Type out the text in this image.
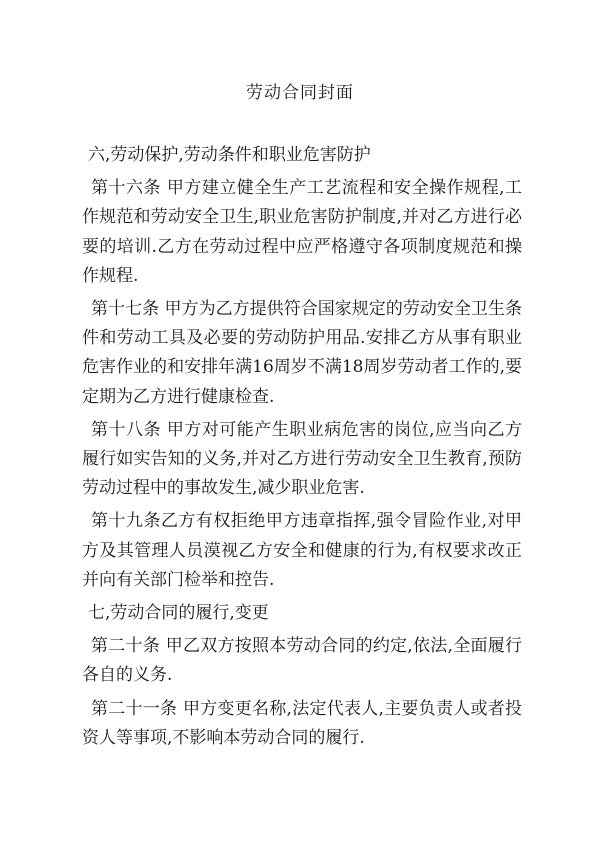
劳动合同封面

六,劳动保护,劳动条件和职业危害防护

第十六条 甲方建立健全生产工艺流程和安全操作规程,工作规范和劳动安全卫生,职业危害防护制度,并对乙方进行必要的培训.乙方在劳动过程中应严格遵守各项制度规范和操作规程.

第十七条 甲方为乙方提供符合国家规定的劳动安全卫生条件和劳动工具及必要的劳动防护用品.安排乙方从事有职业危害作业的和安排年满16周岁不满18周岁劳动者工作的,要定期为乙方进行健康检查.

第十八条 甲方对可能产生职业病危害的岗位,应当向乙方履行如实告知的义务,并对乙方进行劳动安全卫生教育,预防劳动过程中的事故发生,减少职业危害.

第十九条乙方有权拒绝甲方违章指挥,强令冒险作业,对甲方及其管理人员漠视乙方安全和健康的行为,有权要求改正并向有关部门检举和控告.

七,劳动合同的履行,变更

第二十条 甲乙双方按照本劳动合同的约定,依法,全面履行各自的义务.

第二十一条 甲方变更名称,法定代表人,主要负责人或者投资人等事项,不影响本劳动合同的履行.
